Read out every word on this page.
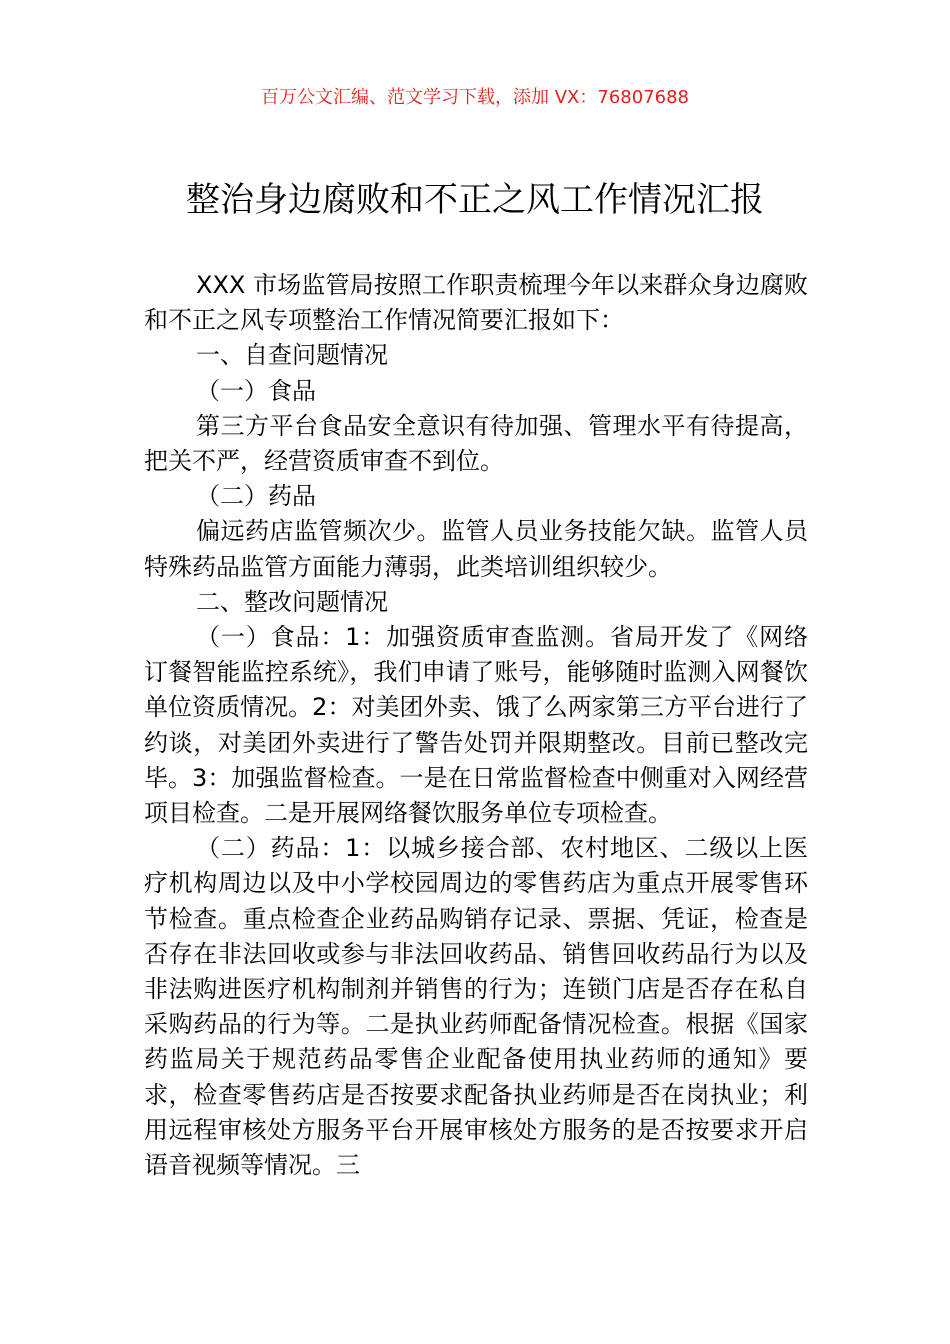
百万公文汇编、范文学习下载，添加 VX：76807688
整治身边腐败和不正之风工作情况汇报

XXX 市场监管局按照工作职责梳理今年以来群众身边腐败和不正之风专项整治工作情况简要汇报如下：

一、自查问题情况

（一）食品

第三方平台食品安全意识有待加强、管理水平有待提高，把关不严，经营资质审查不到位。

（二）药品

偏远药店监管频次少。监管人员业务技能欠缺。监管人员特殊药品监管方面能力薄弱，此类培训组织较少。

二、整改问题情况

（一）食品：1：加强资质审查监测。省局开发了《网络订餐智能监控系统》，我们申请了账号，能够随时监测入网餐饮单位资质情况。2：对美团外卖、饿了么两家第三方平台进行了约谈，对美团外卖进行了警告处罚并限期整改。目前已整改完毕。3：加强监督检查。一是在日常监督检查中侧重对入网经营项目检查。二是开展网络餐饮服务单位专项检查。

（二）药品：1：以城乡接合部、农村地区、二级以上医疗机构周边以及中小学校园周边的零售药店为重点开展零售环节检查。重点检查企业药品购销存记录、票据、凭证，检查是否存在非法回收或参与非法回收药品、销售回收药品行为以及非法购进医疗机构制剂并销售的行为；连锁门店是否存在私自采购药品的行为等。二是执业药师配备情况检查。根据《国家药监局关于规范药品零售企业配备使用执业药师的通知》要求，检查零售药店是否按要求配备执业药师是否在岗执业；利用远程审核处方服务平台开展审核处方服务的是否按要求开启语音视频等情况。三
